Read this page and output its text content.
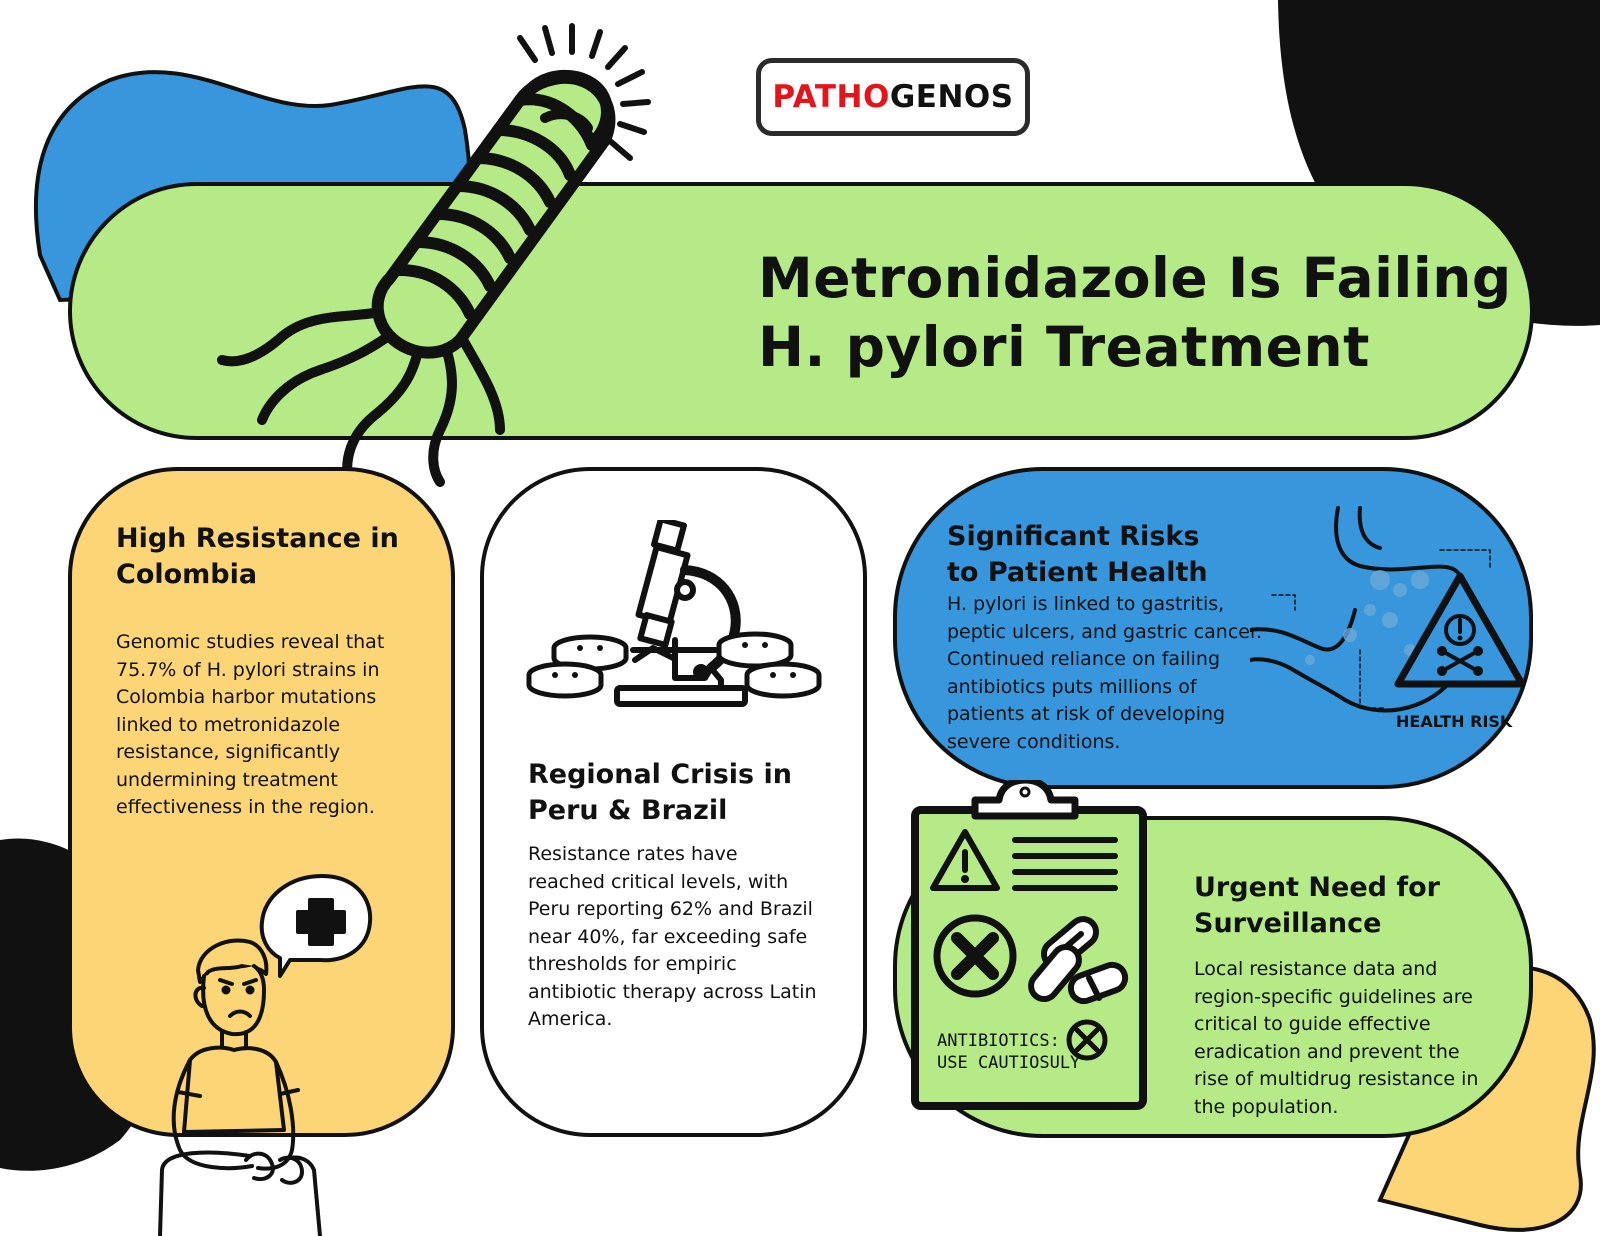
PATHO GENOS
Metronidazole Is Failing
H. pylori Treatment
High Resistance in Colombia

Genomic studies reveal that 75.7% of H. pylori strains in Colombia harbor mutations linked to metronidazole resistance, significantly undermining treatment effectiveness in the region.

Regional Crisis in Peru & Brazil

Resistance rates have reached critical levels, with Peru reporting 62% and Brazil near 40%, far exceeding safe thresholds for empiric antibiotic therapy across Latin America.

Significant Risks to Patient Health

H. pylori is linked to gastritis, peptic ulcers, and gastric cancer. Continued reliance on failing antibiotics puts millions of patients at risk of developing severe conditions.

HEALTH RISK
Urgent Need for Surveillance

Local resistance data and region-specific guidelines are critical to guide effective eradication and prevent the rise of multidrug resistance in the population.

ANTIBIOTICS:
USE CAUTIOSULY
